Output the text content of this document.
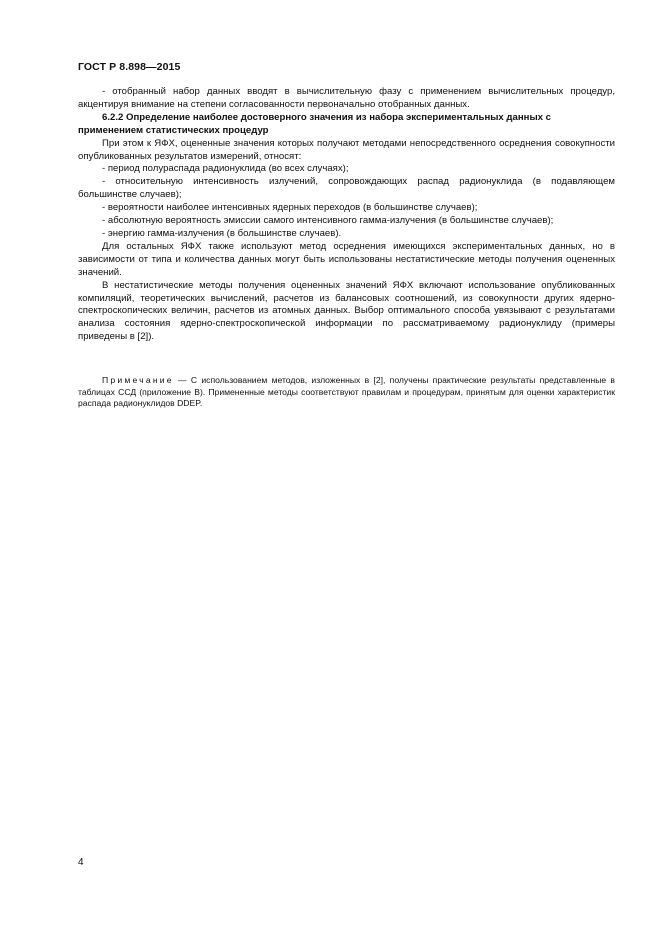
ГОСТ Р 8.898—2015

- отобранный набор данных вводят в вычислительную фазу с применением вычислительных процедур, акцентируя внимание на степени согласованности первоначально отобранных данных.

6.2.2 Определение наиболее достоверного значения из набора экспериментальных данных с применением статистических процедур

При этом к ЯФХ, оцененные значения которых получают методами непосредственного осреднения совокупности опубликованных результатов измерений, относят:

- период полураспада радионуклида (во всех случаях);

- относительную интенсивность излучений, сопровождающих распад радионуклида (в подавляющем большинстве случаев);

- вероятности наиболее интенсивных ядерных переходов (в большинстве случаев);

- абсолютную вероятность эмиссии самого интенсивного гамма-излучения (в большинстве случаев);

- энергию гамма-излучения (в большинстве случаев).

Для остальных ЯФХ также используют метод осреднения имеющихся экспериментальных данных, но в зависимости от типа и количества данных могут быть использованы нестатистические методы получения оцененных значений.

В нестатистические методы получения оцененных значений ЯФХ включают использование опубликованных компиляций, теоретических вычислений, расчетов из балансовых соотношений, из совокупности других ядерно-спектроскопических величин, расчетов из атомных данных. Выбор оптимального способа увязывают с результатами анализа состояния ядерно-спектроскопической информации по рассматриваемому радионуклиду (примеры приведены в [2]).

Примечание — С использованием методов, изложенных в [2], получены практические результаты представленные в таблицах ССД (приложение В). Примененные методы соответствуют правилам и процедурам, принятым для оценки характеристик распада радионуклидов DDEP.

4
